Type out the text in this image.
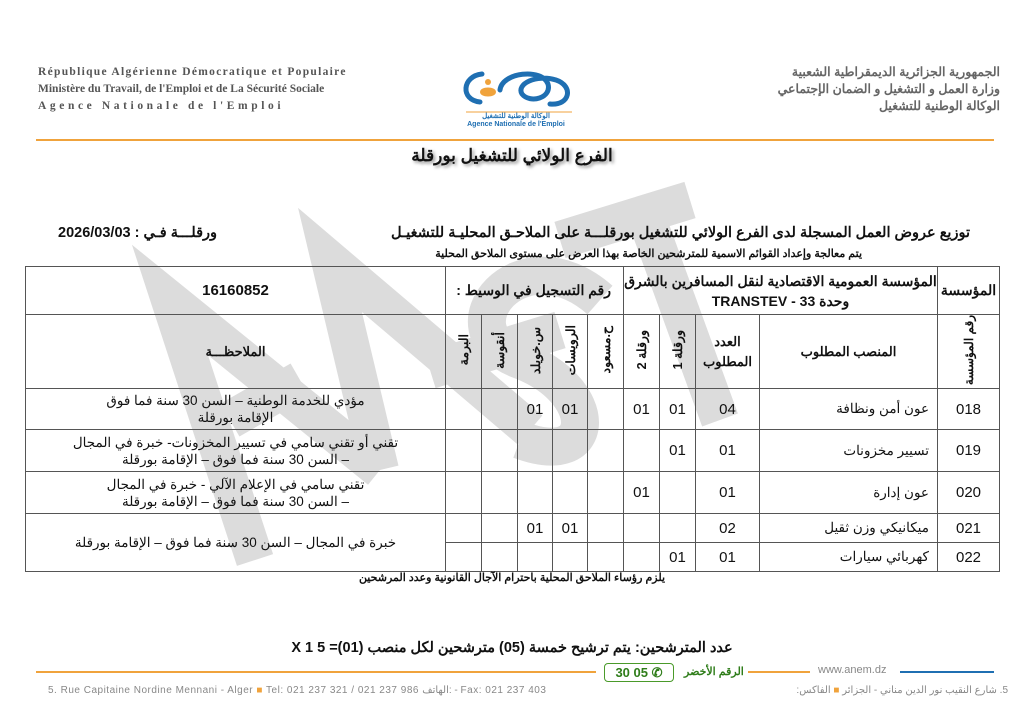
République Algérienne Démocratique et Populaire
Ministère du Travail, de l'Emploi et de La Sécurité Sociale
Agence Nationale de l'Emploi
الوكالة الوطنية للتشغيل
Agence Nationale de l'Emploi
الجمهورية الجزائرية الديمقراطية الشعبية
وزارة العمل و التشغيل و الضمان الإجتماعي
الوكالة الوطنية للتشغيل
الفرع الولائي للتشغيل بورقلة
توزيع عروض العمل المسجلة لدى الفرع الولائي للتشغيل بورقلـــة على الملاحـق المحليـة للتشغيـل
ورقلـــة فـي : 2026/03/03
يتم معالجة وإعداد القوائم الاسمية للمترشحين الخاصة بهذا العرض على مستوى الملاحق المحلية
المؤسسة	المؤسسة العمومية الاقتصادية لنقل المسافرين بالشرق
وحدة 33 - TRANSTEV				رقم التسجيل في الوسيط :					16160852
رقم المؤسسة	المنصب المطلوب	العدد المطلوب	ورقلة 1	ورقلة 2	ح.مسعود	الرويسات	س.خويلد	أنقوسة	البرمة	الملاحظـــة
018	عون أمن ونظافة	04	01	01		01	01			مؤدي للخدمة الوطنية – السن 30 سنة فما فوق
الإقامة بورقلة

019	تسيير مخزونات	01	01							تقني أو تقني سامي في تسيير المخزونات- خبرة في المجال
– السن 30 سنة فما فوق – الإقامة بورقلة

020	عون إدارة	01		01						تقني سامي في الإعلام الآلي - خبرة في المجال
– السن 30 سنة فما فوق – الإقامة بورقلة

021	ميكانيكي وزن ثقيل	02				01	01			خبرة في المجال – السن 30 سنة فما فوق – الإقامة بورقلة

022	كهربائي سيارات	01	01							
يلزم رؤساء الملاحق المحلية باحترام الآجال القانونية وعدد المرشحين
عدد المترشحين: يتم ترشيح خمسة (05) مترشحين لكل منصب (01)= 5 X 1
30 05 ✆	الرقم الأخضر	www.anem.dz
5. Rue Capitaine Nordine Mennani - Alger ■ Tel: 021 237 321 / 021 237 986 الهاتف: - Fax: 021 237 403	5. شارع النقيب نور الدين مناني - الجزائر ■ الفاكس:
